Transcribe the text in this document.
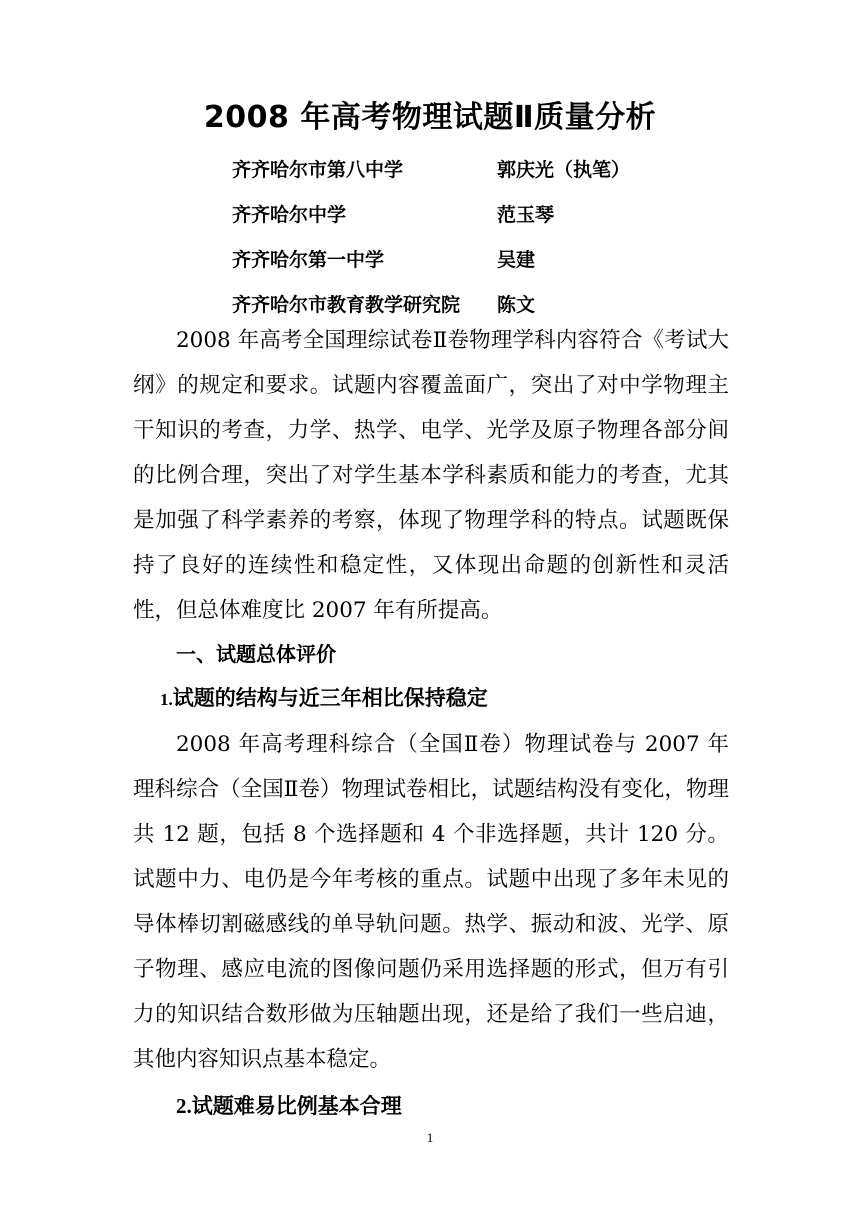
2008 年高考物理试题Ⅱ质量分析
齐齐哈尔市第八中学	郭庆光（执笔）
齐齐哈尔中学	范玉琴
齐齐哈尔第一中学	吴建
齐齐哈尔市教育教学研究院	陈文

2008 年高考全国理综试卷Ⅱ卷物理学科内容符合《考试大纲》的规定和要求。试题内容覆盖面广，突出了对中学物理主干知识的考查，力学、热学、电学、光学及原子物理各部分间的比例合理，突出了对学生基本学科素质和能力的考查，尤其是加强了科学素养的考察，体现了物理学科的特点。试题既保持了良好的连续性和稳定性，又体现出命题的创新性和灵活性，但总体难度比 2007 年有所提高。

一、试题总体评价
1.试题的结构与近三年相比保持稳定

2008 年高考理科综合（全国Ⅱ卷）物理试卷与 2007 年理科综合（全国Ⅱ卷）物理试卷相比，试题结构没有变化，物理共 12 题，包括 8 个选择题和 4 个非选择题，共计 120 分。试题中力、电仍是今年考核的重点。试题中出现了多年未见的导体棒切割磁感线的单导轨问题。热学、振动和波、光学、原子物理、感应电流的图像问题仍采用选择题的形式，但万有引力的知识结合数形做为压轴题出现，还是给了我们一些启迪，其他内容知识点基本稳定。

2.试题难易比例基本合理
1
